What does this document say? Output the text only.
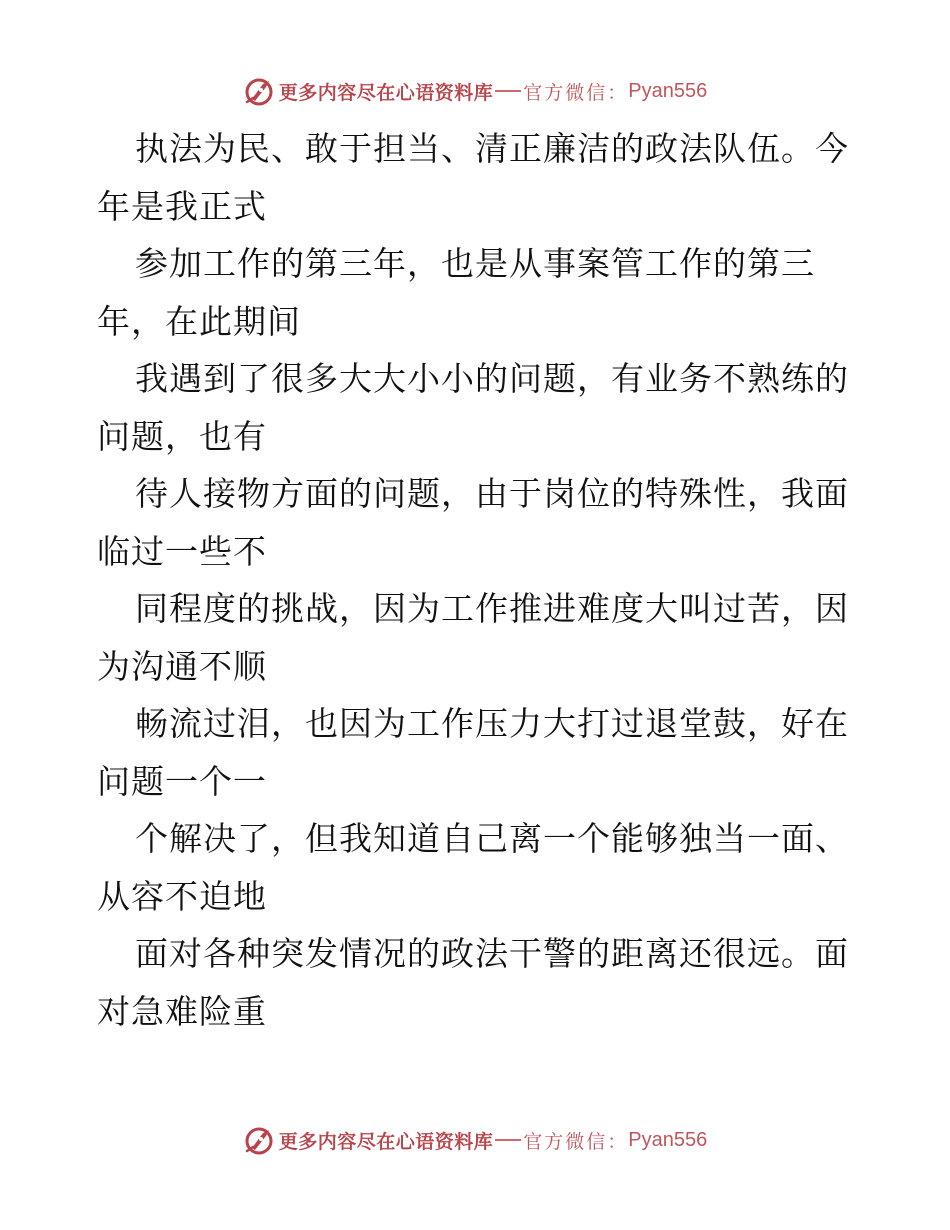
更多内容尽在心语资料库 官方微信： Pyan556
执法为民、敢于担当、清正廉洁的政法队伍。今
年是我正式
参加工作的第三年，也是从事案管工作的第三
年，在此期间
我遇到了很多大大小小的问题，有业务不熟练的
问题，也有
待人接物方面的问题，由于岗位的特殊性，我面
临过一些不
同程度的挑战，因为工作推进难度大叫过苦，因
为沟通不顺
畅流过泪，也因为工作压力大打过退堂鼓，好在
问题一个一
个解决了，但我知道自己离一个能够独当一面、
从容不迫地
面对各种突发情况的政法干警的距离还很远。面
对急难险重
更多内容尽在心语资料库 官方微信： Pyan556
